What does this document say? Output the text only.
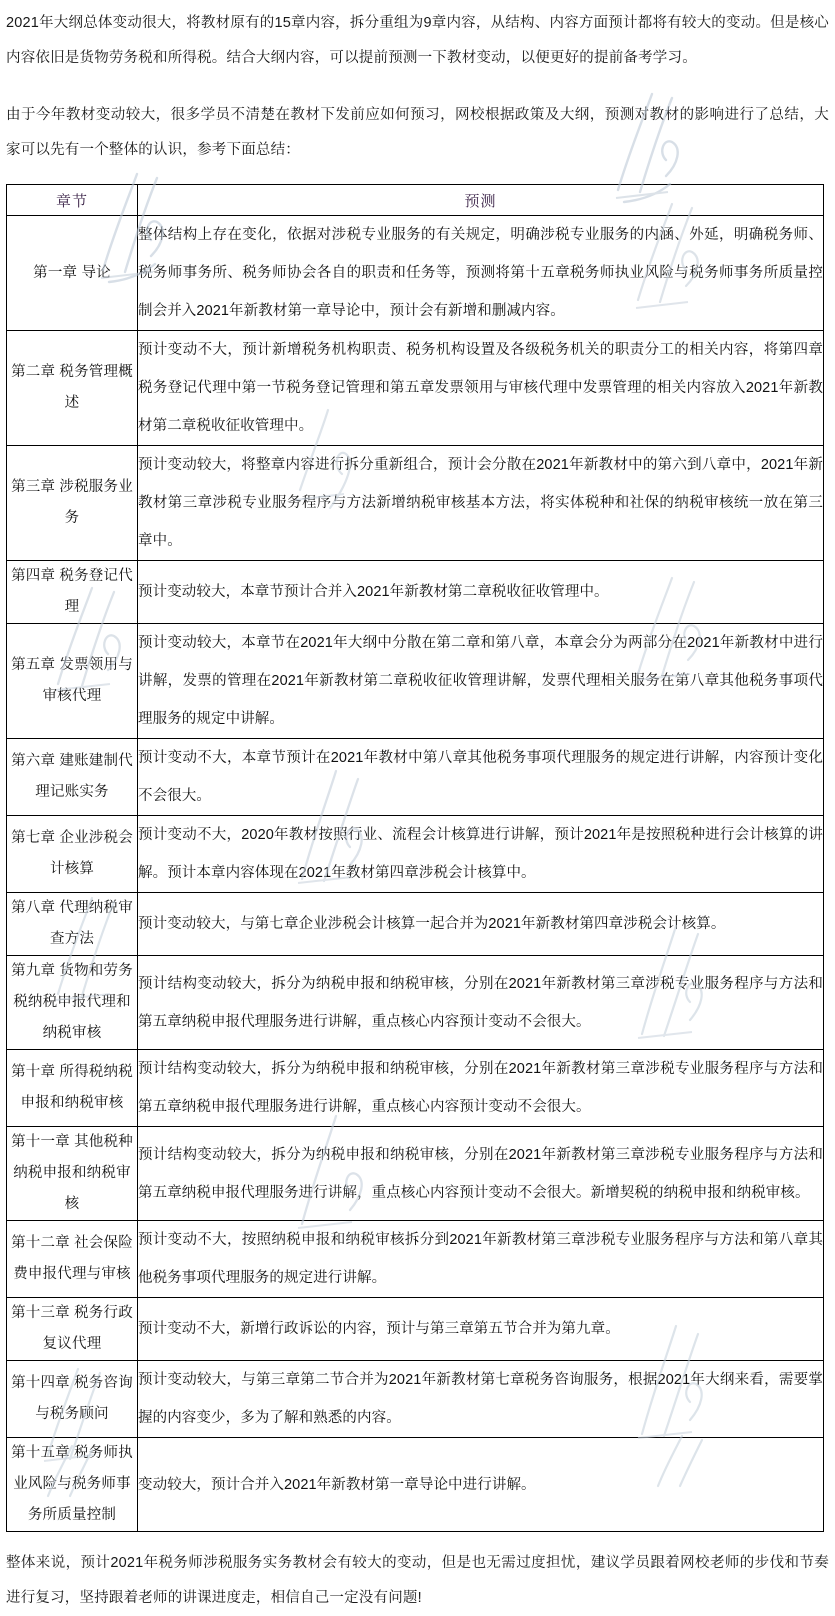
2021年大纲总体变动很大，将教材原有的15章内容，拆分重组为9章内容，从结构、内容方面预计都将有较大的变动。但是核心内容依旧是货物劳务税和所得税。结合大纲内容，可以提前预测一下教材变动，以便更好的提前备考学习。

由于今年教材变动较大，很多学员不清楚在教材下发前应如何预习，网校根据政策及大纲，预测对教材的影响进行了总结，大家可以先有一个整体的认识，参考下面总结：

章节	预测
第一章 导论	整体结构上存在变化，依据对涉税专业服务的有关规定，明确涉税专业服务的内涵、外延，明确税务师、税务师事务所、税务师协会各自的职责和任务等，预测将第十五章税务师执业风险与税务师事务所质量控制会并入2021年新教材第一章导论中，预计会有新增和删减内容。
第二章 税务管理概述	预计变动不大，预计新增税务机构职责、税务机构设置及各级税务机关的职责分工的相关内容，将第四章税务登记代理中第一节税务登记管理和第五章发票领用与审核代理中发票管理的相关内容放入2021年新教材第二章税收征收管理中。
第三章 涉税服务业务	预计变动较大，将整章内容进行拆分重新组合，预计会分散在2021年新教材中的第六到八章中，2021年新教材第三章涉税专业服务程序与方法新增纳税审核基本方法，将实体税种和社保的纳税审核统一放在第三章中。
第四章 税务登记代理	预计变动较大，本章节预计合并入2021年新教材第二章税收征收管理中。
第五章 发票领用与审核代理	预计变动较大，本章节在2021年大纲中分散在第二章和第八章，本章会分为两部分在2021年新教材中进行讲解，发票的管理在2021年新教材第二章税收征收管理讲解，发票代理相关服务在第八章其他税务事项代理服务的规定中讲解。
第六章 建账建制代理记账实务	预计变动不大，本章节预计在2021年教材中第八章其他税务事项代理服务的规定进行讲解，内容预计变化不会很大。
第七章 企业涉税会计核算	预计变动不大，2020年教材按照行业、流程会计核算进行讲解，预计2021年是按照税种进行会计核算的讲解。预计本章内容体现在2021年教材第四章涉税会计核算中。
第八章 代理纳税审查方法	预计变动较大，与第七章企业涉税会计核算一起合并为2021年新教材第四章涉税会计核算。
第九章 货物和劳务税纳税申报代理和纳税审核	预计结构变动较大，拆分为纳税申报和纳税审核，分别在2021年新教材第三章涉税专业服务程序与方法和第五章纳税申报代理服务进行讲解，重点核心内容预计变动不会很大。
第十章 所得税纳税申报和纳税审核	预计结构变动较大，拆分为纳税申报和纳税审核，分别在2021年新教材第三章涉税专业服务程序与方法和第五章纳税申报代理服务进行讲解，重点核心内容预计变动不会很大。
第十一章 其他税种纳税申报和纳税审核	预计结构变动较大，拆分为纳税申报和纳税审核，分别在2021年新教材第三章涉税专业服务程序与方法和第五章纳税申报代理服务进行讲解，重点核心内容预计变动不会很大。新增契税的纳税申报和纳税审核。
第十二章 社会保险费申报代理与审核	预计变动不大，按照纳税申报和纳税审核拆分到2021年新教材第三章涉税专业服务程序与方法和第八章其他税务事项代理服务的规定进行讲解。
第十三章 税务行政复议代理	预计变动不大，新增行政诉讼的内容，预计与第三章第五节合并为第九章。
第十四章 税务咨询与税务顾问	预计变动较大，与第三章第二节合并为2021年新教材第七章税务咨询服务，根据2021年大纲来看，需要掌握的内容变少，多为了解和熟悉的内容。
第十五章 税务师执业风险与税务师事务所质量控制	变动较大，预计合并入2021年新教材第一章导论中进行讲解。

整体来说，预计2021年税务师涉税服务实务教材会有较大的变动，但是也无需过度担忧，建议学员跟着网校老师的步伐和节奏进行复习，坚持跟着老师的讲课进度走，相信自己一定没有问题!
